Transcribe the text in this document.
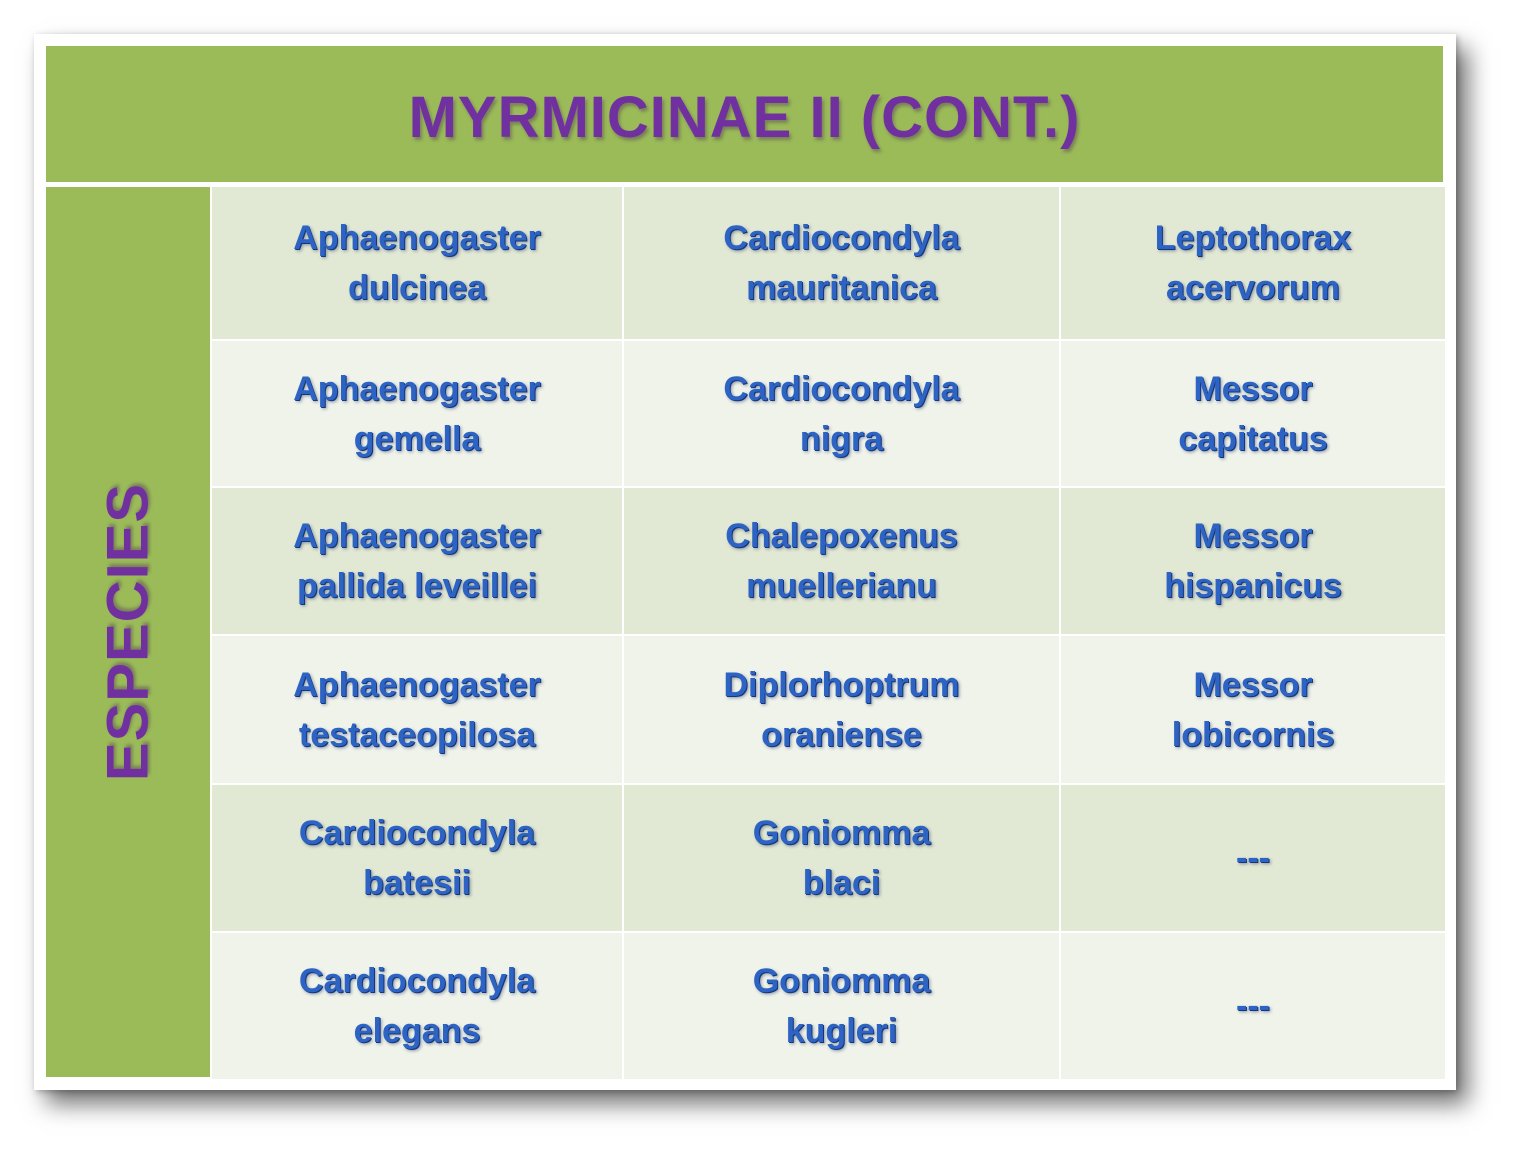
MYRMICINAE II (CONT.)
ESPECIES
Aphaenogaster
dulcinea
Cardiocondyla
mauritanica
Leptothorax
acervorum
Aphaenogaster
gemella
Cardiocondyla
nigra
Messor
capitatus
Aphaenogaster
pallida leveillei
Chalepoxenus
muellerianu
Messor
hispanicus
Aphaenogaster
testaceopilosa
Diplorhoptrum
oraniense
Messor
lobicornis
Cardiocondyla
batesii
Goniomma
blaci
---
Cardiocondyla
elegans
Goniomma
kugleri
---
